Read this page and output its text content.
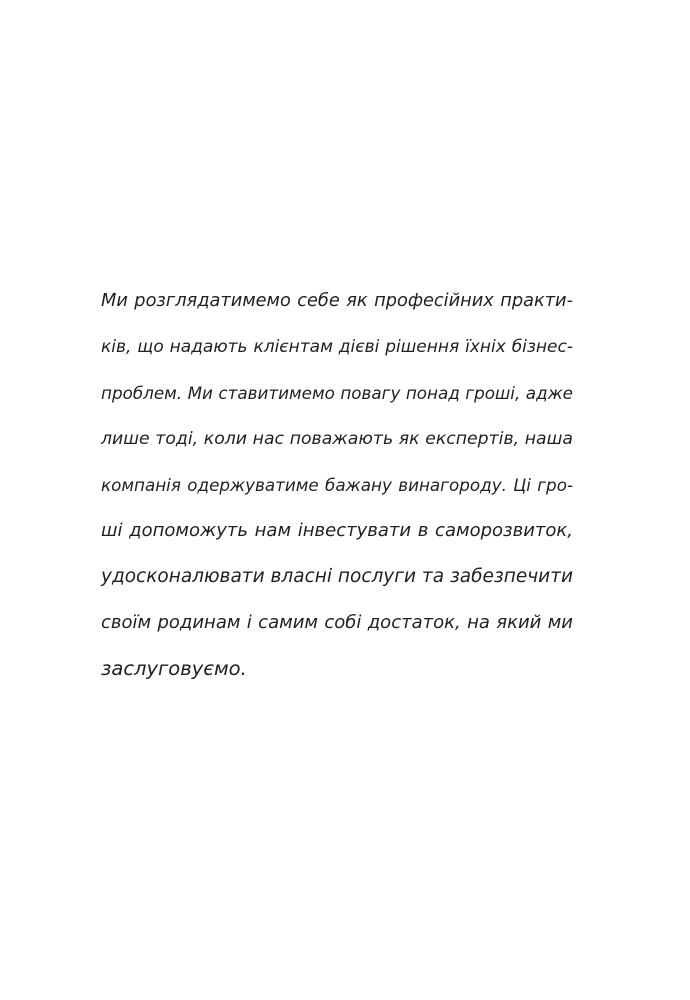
Ми розглядатимемо себе як професійних практи-
ків, що надають клієнтам дієві рішення їхніх бізнес-
проблем. Ми ставитимемо повагу понад гроші, адже
лише тоді, коли нас поважають як експертів, наша
компанія одержуватиме бажану винагороду. Ці гро-
ші допоможуть нам інвестувати в саморозвиток,
удосконалювати власні послуги та забезпечити
своїм родинам і самим собі достаток, на який ми
заслуговуємо.
